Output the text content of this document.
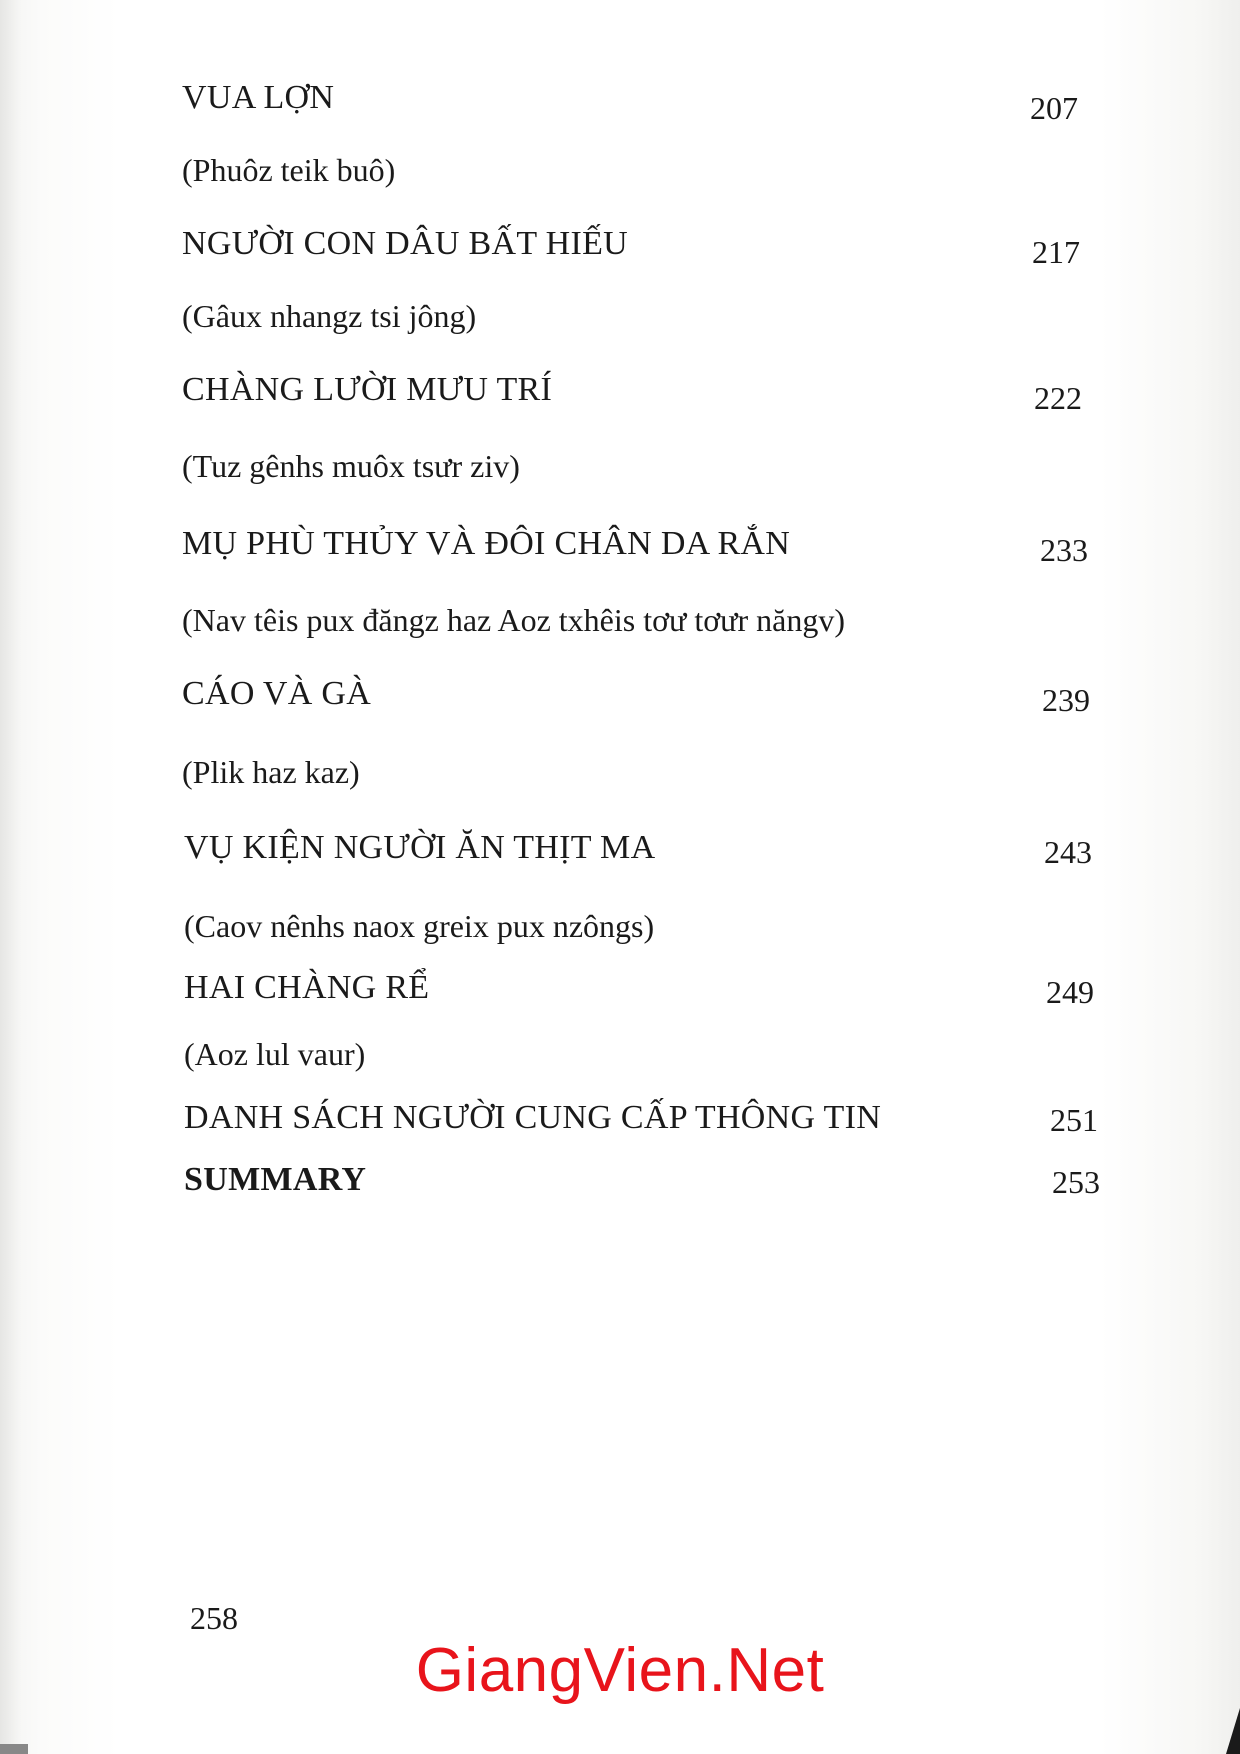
VUA LỢN	207
(Phuôz teik buô)
NGƯỜI CON DÂU BẤT HIẾU	217
(Gâux nhangz tsi jông)
CHÀNG LƯỜI MƯU TRÍ	222
(Tuz gênhs muôx tsưr ziv)
MỤ PHÙ THỦY VÀ ĐÔI CHÂN DA RẮN	233
(Nav têis pux đăngz haz Aoz txhêis tơư tơưr năngv)
CÁO VÀ GÀ	239
(Plik haz kaz)
VỤ KIỆN NGƯỜI ĂN THỊT MA	243
(Caov nênhs naox greix pux nzôngs)
HAI CHÀNG RỂ	249
(Aoz lul vaur)
DANH SÁCH NGƯỜI CUNG CẤP THÔNG TIN	251
SUMMARY	253
258
GiangVien.Net
